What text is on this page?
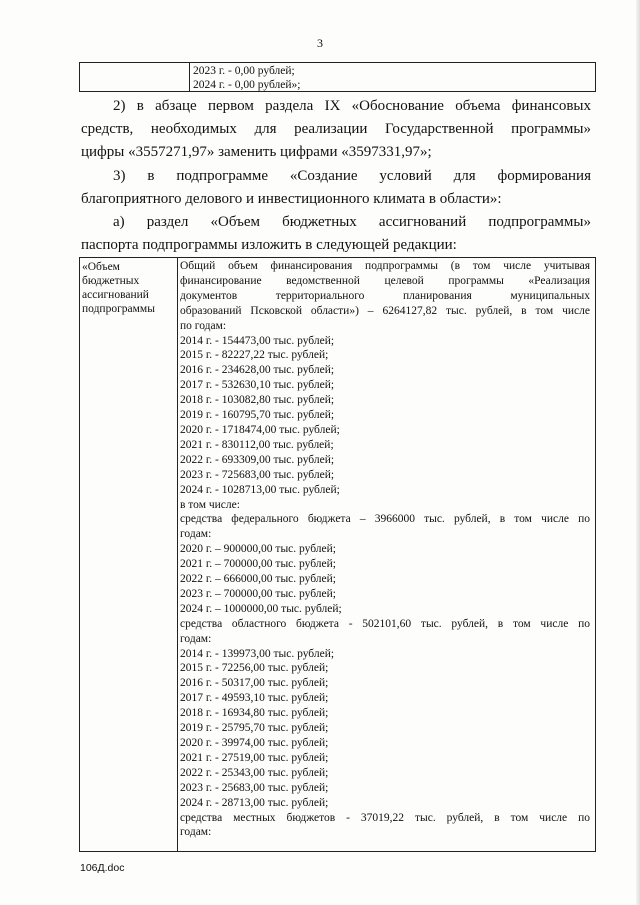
3
2023 г. - 0,00 рублей;
2024 г. - 0,00 рублей»;
2) в абзаце первом раздела IX «Обоснование объема финансовых
средств, необходимых для реализации Государственной программы»
цифры «3557271,97» заменить цифрами «3597331,97»;
3) в подпрограмме «Создание условий для формирования
благоприятного делового и инвестиционного климата в области»:
а) раздел «Объем бюджетных ассигнований подпрограммы»
паспорта подпрограммы изложить в следующей редакции:
«Объем
бюджетных
ассигнований
подпрограммы
Общий объем финансирования подпрограммы (в том числе учитывая
финансирование ведомственной целевой программы «Реализация
документов территориального планирования муниципальных
образований Псковской области») – 6264127,82 тыс. рублей, в том числе
по годам:
2014 г. - 154473,00 тыс. рублей;
2015 г. - 82227,22 тыс. рублей;
2016 г. - 234628,00 тыс. рублей;
2017 г. - 532630,10 тыс. рублей;
2018 г. - 103082,80 тыс. рублей;
2019 г. - 160795,70 тыс. рублей;
2020 г. - 1718474,00 тыс. рублей;
2021 г. - 830112,00 тыс. рублей;
2022 г. - 693309,00 тыс. рублей;
2023 г. - 725683,00 тыс. рублей;
2024 г. - 1028713,00 тыс. рублей;
в том числе:
средства федерального бюджета – 3966000 тыс. рублей, в том числе по
годам:
2020 г. – 900000,00 тыс. рублей;
2021 г. – 700000,00 тыс. рублей;
2022 г. – 666000,00 тыс. рублей;
2023 г. – 700000,00 тыс. рублей;
2024 г. – 1000000,00 тыс. рублей;
средства областного бюджета - 502101,60 тыс. рублей, в том числе по
годам:
2014 г. - 139973,00 тыс. рублей;
2015 г. - 72256,00 тыс. рублей;
2016 г. - 50317,00 тыс. рублей;
2017 г. - 49593,10 тыс. рублей;
2018 г. - 16934,80 тыс. рублей;
2019 г. - 25795,70 тыс. рублей;
2020 г. - 39974,00 тыс. рублей;
2021 г. - 27519,00 тыс. рублей;
2022 г. - 25343,00 тыс. рублей;
2023 г. - 25683,00 тыс. рублей;
2024 г. - 28713,00 тыс. рублей;
средства местных бюджетов - 37019,22 тыс. рублей, в том числе по
годам:
106Д.doc
